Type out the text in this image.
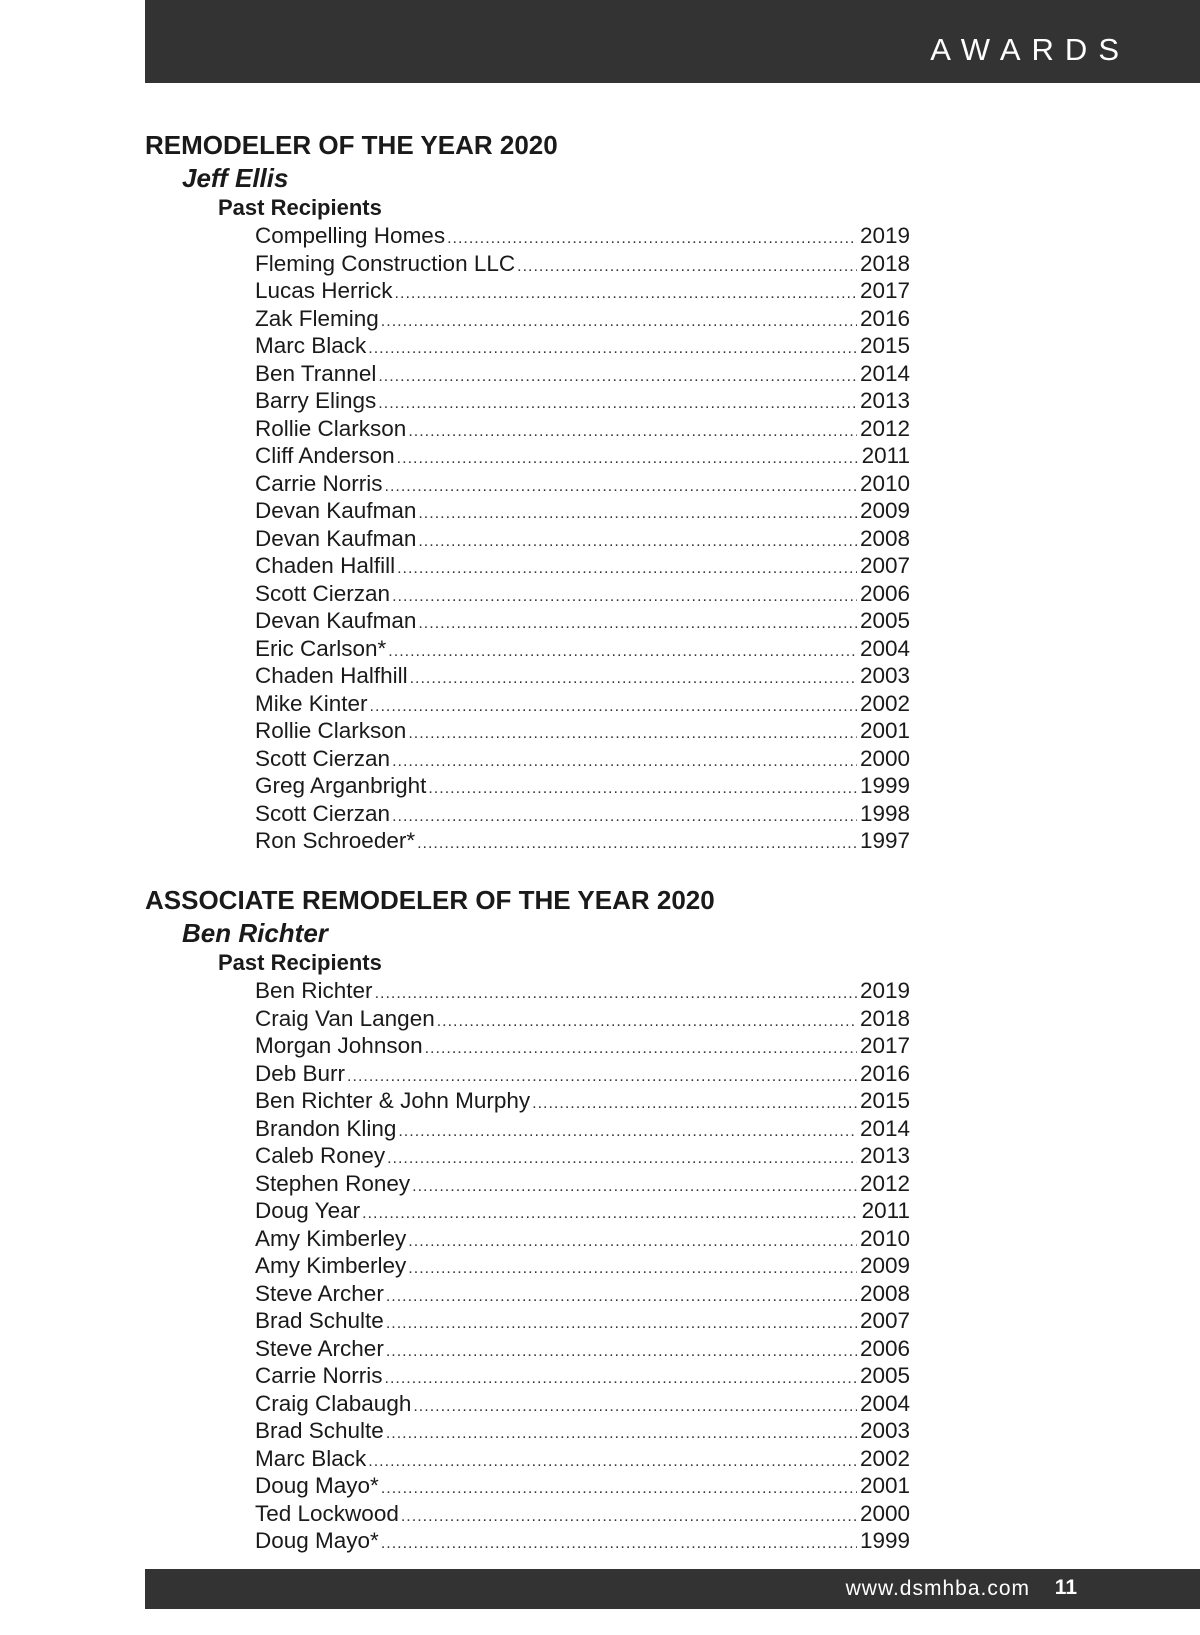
AWARDS
REMODELER OF THE YEAR 2020
Jeff Ellis
Past Recipients
Compelling Homes .....	2019
Fleming Construction LLC .....	2018
Lucas Herrick .....	2017
Zak Fleming .....	2016
Marc Black .....	2015
Ben Trannel .....	2014
Barry Elings .....	2013
Rollie Clarkson .....	2012
Cliff Anderson .....	2011
Carrie Norris .....	2010
Devan Kaufman .....	2009
Devan Kaufman .....	2008
Chaden Halfill .....	2007
Scott Cierzan .....	2006
Devan Kaufman .....	2005
Eric Carlson* .....	2004
Chaden Halfhill .....	2003
Mike Kinter .....	2002
Rollie Clarkson .....	2001
Scott Cierzan .....	2000
Greg Arganbright .....	1999
Scott Cierzan .....	1998
Ron Schroeder* .....	1997
ASSOCIATE REMODELER OF THE YEAR 2020
Ben Richter
Past Recipients
Ben Richter .....	2019
Craig Van Langen .....	2018
Morgan Johnson .....	2017
Deb Burr .....	2016
Ben Richter & John Murphy .....	2015
Brandon Kling .....	2014
Caleb Roney .....	2013
Stephen Roney .....	2012
Doug Year .....	2011
Amy Kimberley .....	2010
Amy Kimberley .....	2009
Steve Archer .....	2008
Brad Schulte .....	2007
Steve Archer .....	2006
Carrie Norris .....	2005
Craig Clabaugh .....	2004
Brad Schulte .....	2003
Marc Black .....	2002
Doug Mayo* .....	2001
Ted Lockwood .....	2000
Doug Mayo* .....	1999
www.dsmhba.com 11
